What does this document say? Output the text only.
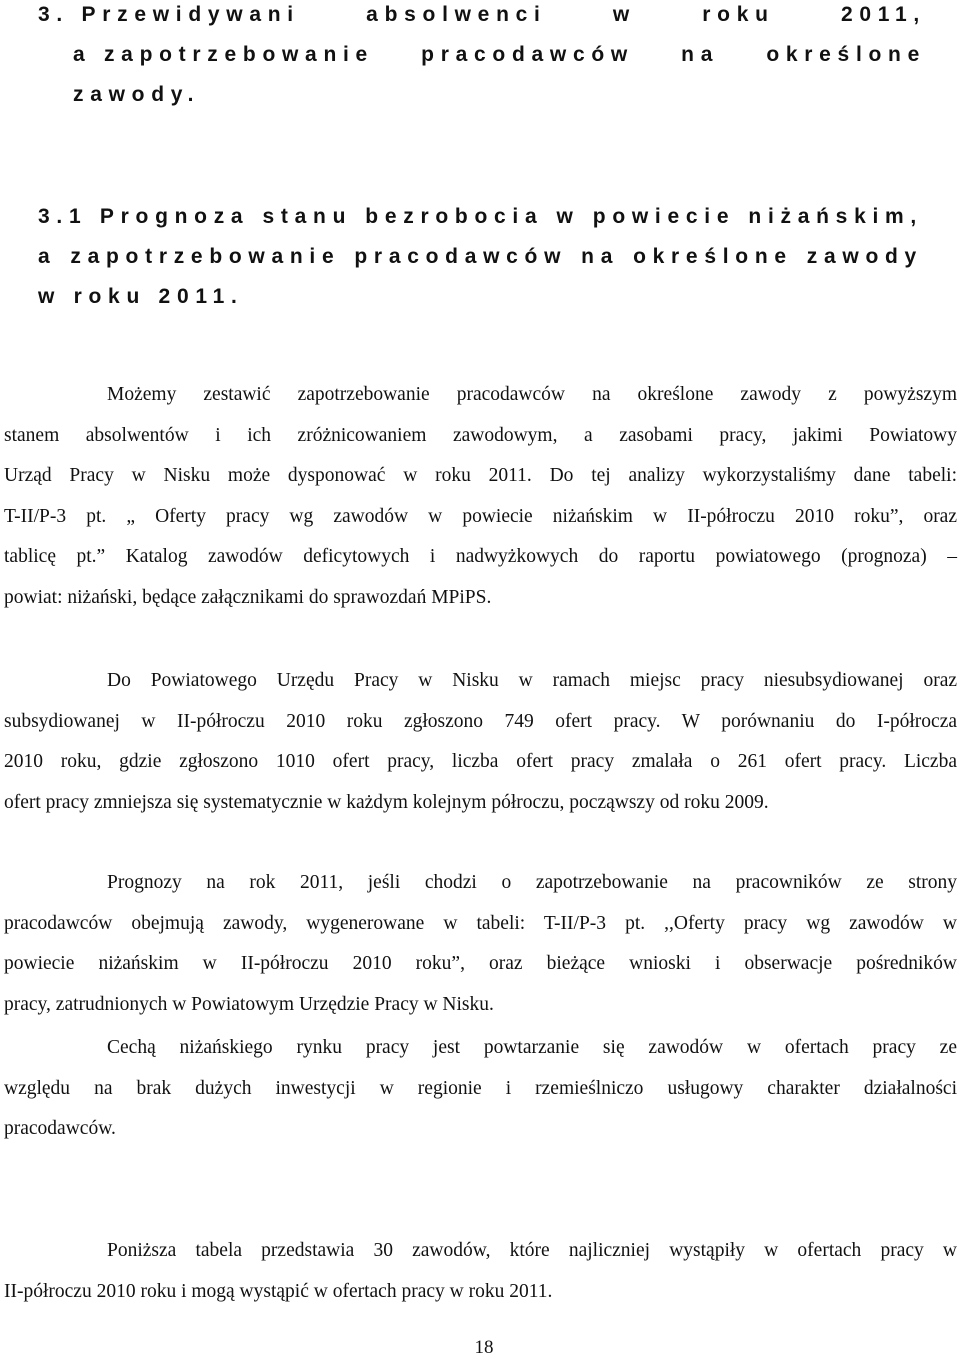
3. Przewidywani	absolwenci	w	roku	2011,
a zapotrzebowanie pracodawców na określone
zawody.
3.1 Prognoza stanu bezrobocia w powiecie niżańskim,
a zapotrzebowanie pracodawców na określone zawody
w roku 2011.
Możemy zestawić zapotrzebowanie pracodawców na określone zawody z powyższym
stanem absolwentów i ich zróżnicowaniem zawodowym, a zasobami pracy, jakimi Powiatowy
Urząd Pracy w Nisku może dysponować w roku 2011. Do tej analizy wykorzystaliśmy dane tabeli:
T-II/P-3 pt. „ Oferty pracy wg zawodów w powiecie niżańskim w II-półroczu 2010 roku”, oraz
tablicę pt.” Katalog zawodów deficytowych i nadwyżkowych do raportu powiatowego (prognoza) –
powiat: niżański, będące załącznikami do sprawozdań MPiPS.
Do Powiatowego Urzędu Pracy w Nisku w ramach miejsc pracy niesubsydiowanej oraz
subsydiowanej w II-półroczu 2010 roku zgłoszono 749 ofert pracy. W porównaniu do I-półrocza
2010 roku, gdzie zgłoszono 1010 ofert pracy, liczba ofert pracy zmalała o 261 ofert pracy. Liczba
ofert pracy zmniejsza się systematycznie w każdym kolejnym półroczu, począwszy od roku 2009.
Prognozy na rok 2011, jeśli chodzi o zapotrzebowanie na pracowników ze strony
pracodawców obejmują zawody, wygenerowane w tabeli: T-II/P-3 pt. ,,Oferty pracy wg zawodów w
powiecie niżańskim w II-półroczu 2010 roku”, oraz bieżące wnioski i obserwacje pośredników
pracy, zatrudnionych w Powiatowym Urzędzie Pracy w Nisku.
Cechą niżańskiego rynku pracy jest powtarzanie się zawodów w ofertach pracy ze
względu na brak dużych inwestycji w regionie i rzemieślniczo usługowy charakter działalności
pracodawców.
Poniższa tabela przedstawia 30 zawodów, które najliczniej wystąpiły w ofertach pracy w
II-półroczu 2010 roku i mogą wystąpić w ofertach pracy w roku 2011.
18
